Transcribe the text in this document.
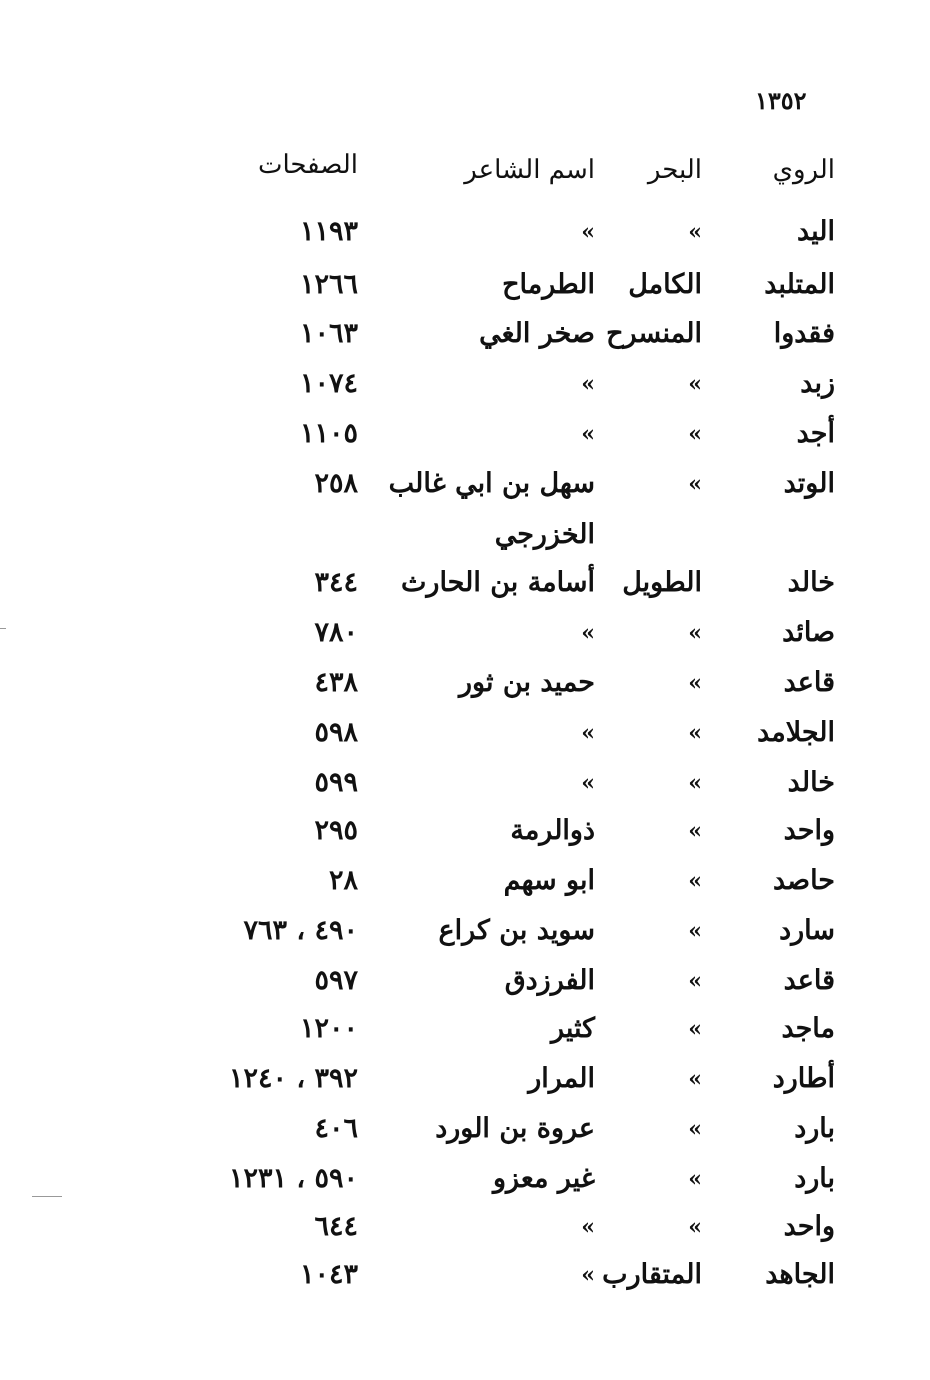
١٣٥٢
الروي
البحر
اسم الشاعر
الصفحات
اليد
»
»
١١٩٣
المتلبد
الكامل
الطرماح
١٢٦٦
فقدوا
المنسرح
صخر الغي
١٠٦٣
زبد
»
»
١٠٧٤
أجد
»
»
١١٠٥
الوتد
»
سهل بن ابي غالب
٢٥٨
الخزرجي
خالد
الطويل
أسامة بن الحارث
٣٤٤
صائد
»
»
٧٨٠
قاعد
»
حميد بن ثور
٤٣٨
الجلامد
»
»
٥٩٨
خالد
»
»
٥٩٩
واحد
»
ذوالرمة
٢٩٥
حاصد
»
ابو سهم
٢٨
سارد
»
سويد بن كراع
٤٩٠ ، ٧٦٣
قاعد
»
الفرزدق
٥٩٧
ماجد
»
كثير
١٢٠٠
أطارد
»
المرار
٣٩٢ ، ١٢٤٠
بارد
»
عروة بن الورد
٤٠٦
بارد
»
غير معزو
٥٩٠ ، ١٢٣١
واحد
»
»
٦٤٤
الجاهد
المتقارب
»
١٠٤٣
